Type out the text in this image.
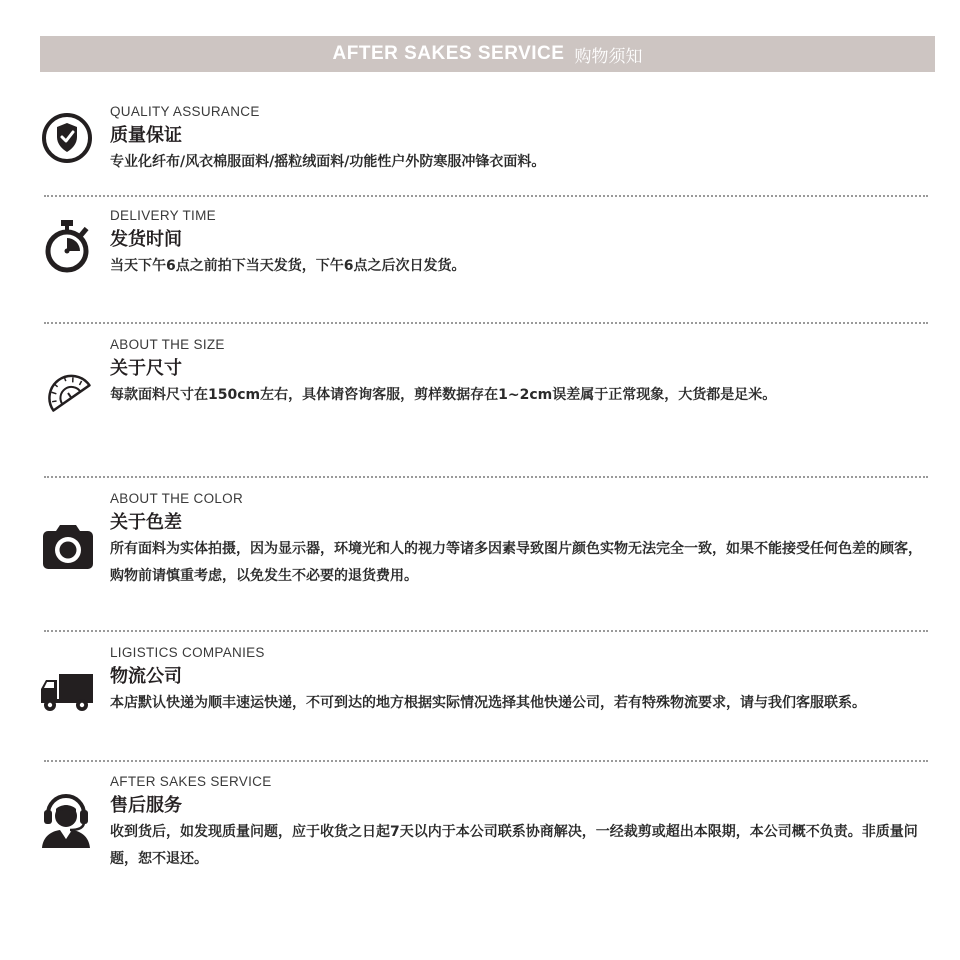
AFTER SAKES SERVICE 购物须知
QUALITY ASSURANCE
质量保证
专业化纤布/风衣棉服面料/摇粒绒面料/功能性户外防寒服冲锋衣面料。
DELIVERY TIME
发货时间
当天下午6点之前拍下当天发货，下午6点之后次日发货。
ABOUT THE SIZE
关于尺寸
每款面料尺寸在150cm左右，具体请咨询客服，剪样数据存在1~2cm误差属于正常现象，大货都是足米。
ABOUT THE COLOR
关于色差
所有面料为实体拍摄，因为显示器，环境光和人的视力等诸多因素导致图片颜色实物无法完全一致，如果不能接受任何色差的顾客，购物前请慎重考虑，以免发生不必要的退货费用。
LIGISTICS COMPANIES
物流公司
本店默认快递为顺丰速运快递，不可到达的地方根据实际情况选择其他快递公司，若有特殊物流要求，请与我们客服联系。
AFTER SAKES SERVICE
售后服务
收到货后，如发现质量问题，应于收货之日起7天以内于本公司联系协商解决，一经裁剪或超出本限期，本公司概不负责。非质量问题，恕不退还。
